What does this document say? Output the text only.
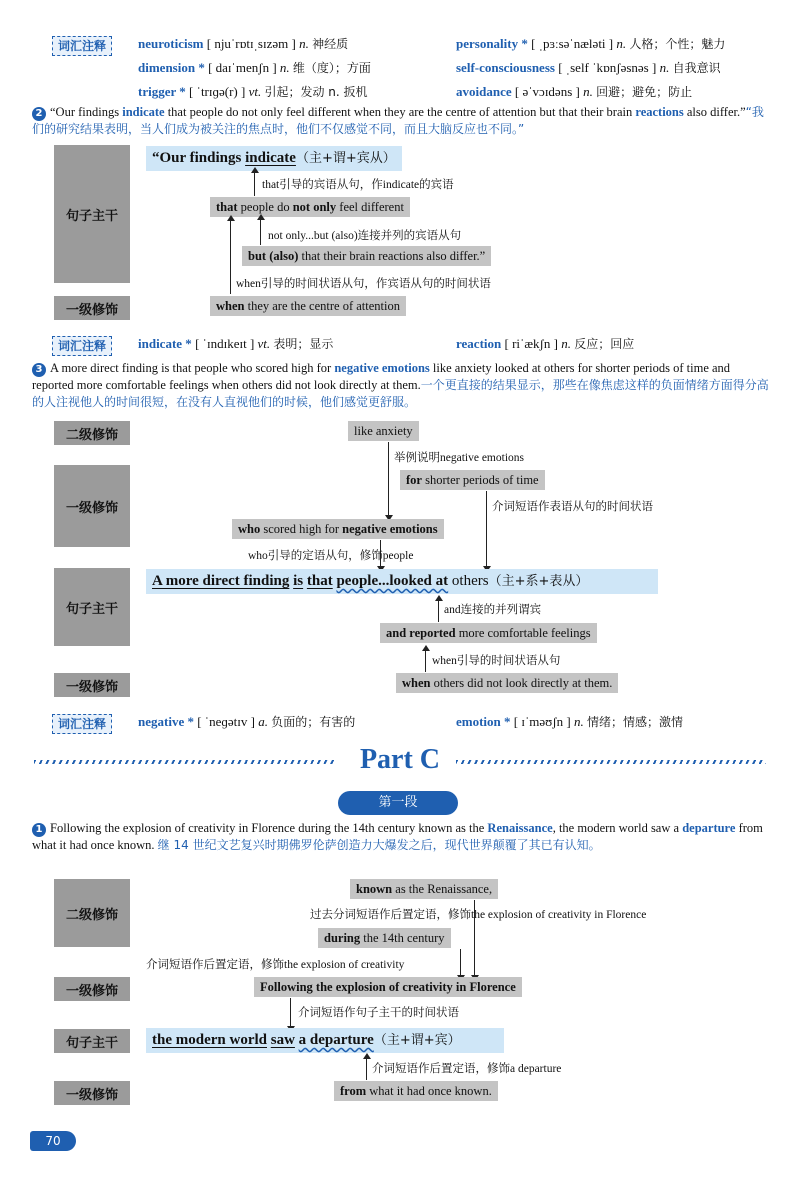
词汇注释	neuroticism [ njuˈrɒtɪˌsɪzəm ] n. 神经质	personality * [ ˌpɜːsəˈnæləti ] n. 人格；个性；魅力
dimension * [ daɪˈmenʃn ] n. 维（度）；方面	self-consciousness [ ˌself ˈkɒnʃəsnəs ] n. 自我意识
trigger * [ ˈtrɪɡə(r) ] vt. 引起；发动 n. 扳机	avoidance [ əˈvɔɪdəns ] n. 回避；避免；防止
2 “Our findings indicate that people do not only feel different when they are the centre of attention but that their brain reactions also differ.”“我们的研究结果表明，当人们成为被关注的焦点时，他们不仅感觉不同，而且大脑反应也不同。”
句子主干
一级修饰
“Our findings indicate（主+谓+宾从）
that引导的宾语从句，作indicate的宾语
that people do not only feel different
not only...but (also)连接并列的宾语从句
but (also) that their brain reactions also differ.”
when引导的时间状语从句，作宾语从句的时间状语
when they are the centre of attention
词汇注释	indicate * [ ˈɪndɪkeɪt ] vt. 表明；显示	reaction [ riˈækʃn ] n. 反应；回应
3 A more direct finding is that people who scored high for negative emotions like anxiety looked at others for shorter periods of time and reported more comfortable feelings when others did not look directly at them.一个更直接的结果显示，那些在像焦虑这样的负面情绪方面得分高的人注视他人的时间很短，在没有人直视他们的时候，他们感觉更舒服。
二级修饰
一级修饰
句子主干
一级修饰
like anxiety
举例说明negative emotions
for shorter periods of time
介词短语作表语从句的时间状语
who scored high for negative emotions
who引导的定语从句，修饰people
A more direct finding is that people...looked at others（主+系+表从）
and连接的并列谓宾
and reported more comfortable feelings
when引导的时间状语从句
when others did not look directly at them.
词汇注释	negative * [ ˈneɡətɪv ] a. 负面的；有害的	emotion * [ ɪˈməʊʃn ] n. 情绪；情感；激情
Part C
第一段
1 Following the explosion of creativity in Florence during the 14th century known as the Renaissance, the modern world saw a departure from what it had once known. 继 14 世纪文艺复兴时期佛罗伦萨创造力大爆发之后，现代世界颠覆了其已有认知。
二级修饰
一级修饰
句子主干
一级修饰
known as the Renaissance,
过去分词短语作后置定语，修饰the explosion of creativity in Florence
during the 14th century
介词短语作后置定语，修饰the explosion of creativity
Following the explosion of creativity in Florence
介词短语作句子主干的时间状语
the modern world saw a departure（主+谓+宾）
介词短语作后置定语，修饰a departure
from what it had once known.
70
